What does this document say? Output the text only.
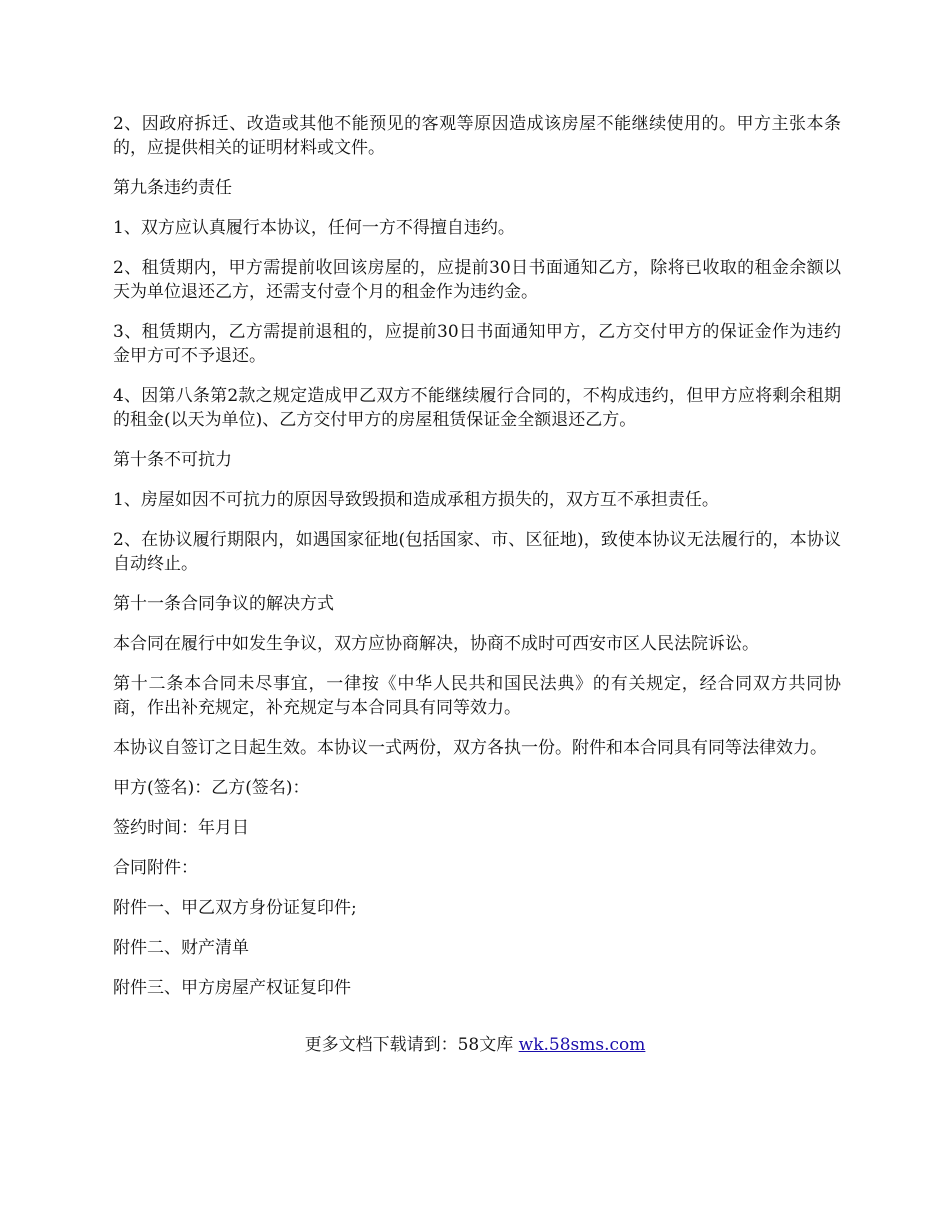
2、因政府拆迁、改造或其他不能预见的客观等原因造成该房屋不能继续使用的。甲方主张本条的，应提供相关的证明材料或文件。

第九条违约责任

1、双方应认真履行本协议，任何一方不得擅自违约。

2、租赁期内，甲方需提前收回该房屋的，应提前30日书面通知乙方，除将已收取的租金余额以天为单位退还乙方，还需支付壹个月的租金作为违约金。

3、租赁期内，乙方需提前退租的，应提前30日书面通知甲方，乙方交付甲方的保证金作为违约金甲方可不予退还。

4、因第八条第2款之规定造成甲乙双方不能继续履行合同的，不构成违约，但甲方应将剩余租期的租金(以天为单位)、乙方交付甲方的房屋租赁保证金全额退还乙方。

第十条不可抗力

1、房屋如因不可抗力的原因导致毁损和造成承租方损失的，双方互不承担责任。

2、在协议履行期限内，如遇国家征地(包括国家、市、区征地)，致使本协议无法履行的，本协议自动终止。

第十一条合同争议的解决方式

本合同在履行中如发生争议，双方应协商解决，协商不成时可西安市区人民法院诉讼。

第十二条本合同未尽事宜，一律按《中华人民共和国民法典》的有关规定，经合同双方共同协商，作出补充规定，补充规定与本合同具有同等效力。

本协议自签订之日起生效。本协议一式两份，双方各执一份。附件和本合同具有同等法律效力。

甲方(签名)：乙方(签名)：

签约时间：年月日

合同附件：

附件一、甲乙双方身份证复印件;

附件二、财产清单

附件三、甲方房屋产权证复印件

更多文档下载请到：58文库 wk.58sms.com
